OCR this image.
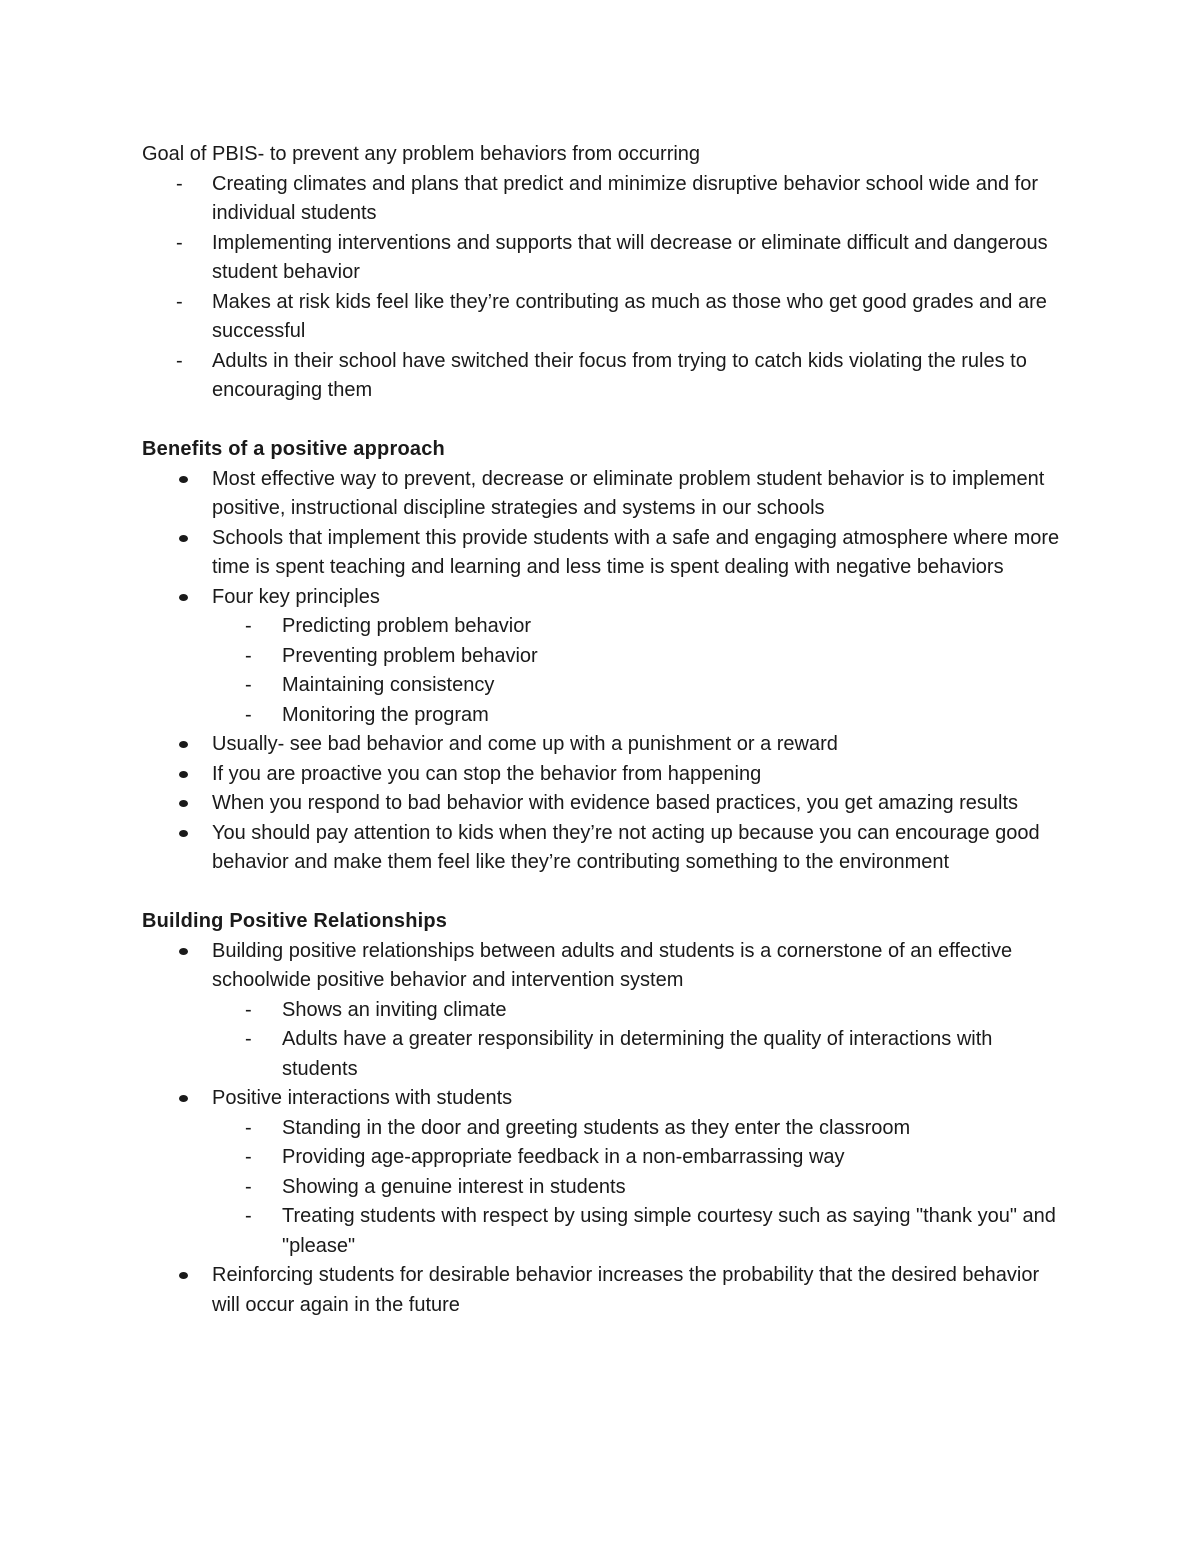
Goal of PBIS- to prevent any problem behaviors from occurring

- Creating climates and plans that predict and minimize disruptive behavior school wide and for individual students
- Implementing interventions and supports that will decrease or eliminate difficult and dangerous student behavior
- Makes at risk kids feel like they’re contributing as much as those who get good grades and are successful
- Adults in their school have switched their focus from trying to catch kids violating the rules to encouraging them
Benefits of a positive approach
Most effective way to prevent, decrease or eliminate problem student behavior is to implement positive, instructional discipline strategies and systems in our schools
Schools that implement this provide students with a safe and engaging atmosphere where more time is spent teaching and learning and less time is spent dealing with negative behaviors
Four key principles
- Predicting problem behavior
- Preventing problem behavior
- Maintaining consistency
- Monitoring the program
Usually- see bad behavior and come up with a punishment or a reward
If you are proactive you can stop the behavior from happening
When you respond to bad behavior with evidence based practices, you get amazing results
You should pay attention to kids when they’re not acting up because you can encourage good behavior and make them feel like they’re contributing something to the environment
Building Positive Relationships
Building positive relationships between adults and students is a cornerstone of an effective schoolwide positive behavior and intervention system
- Shows an inviting climate
- Adults have a greater responsibility in determining the quality of interactions with students
Positive interactions with students
- Standing in the door and greeting students as they enter the classroom
- Providing age-appropriate feedback in a non-embarrassing way
- Showing a genuine interest in students
- Treating students with respect by using simple courtesy such as saying "thank you" and "please"
Reinforcing students for desirable behavior increases the probability that the desired behavior will occur again in the future
